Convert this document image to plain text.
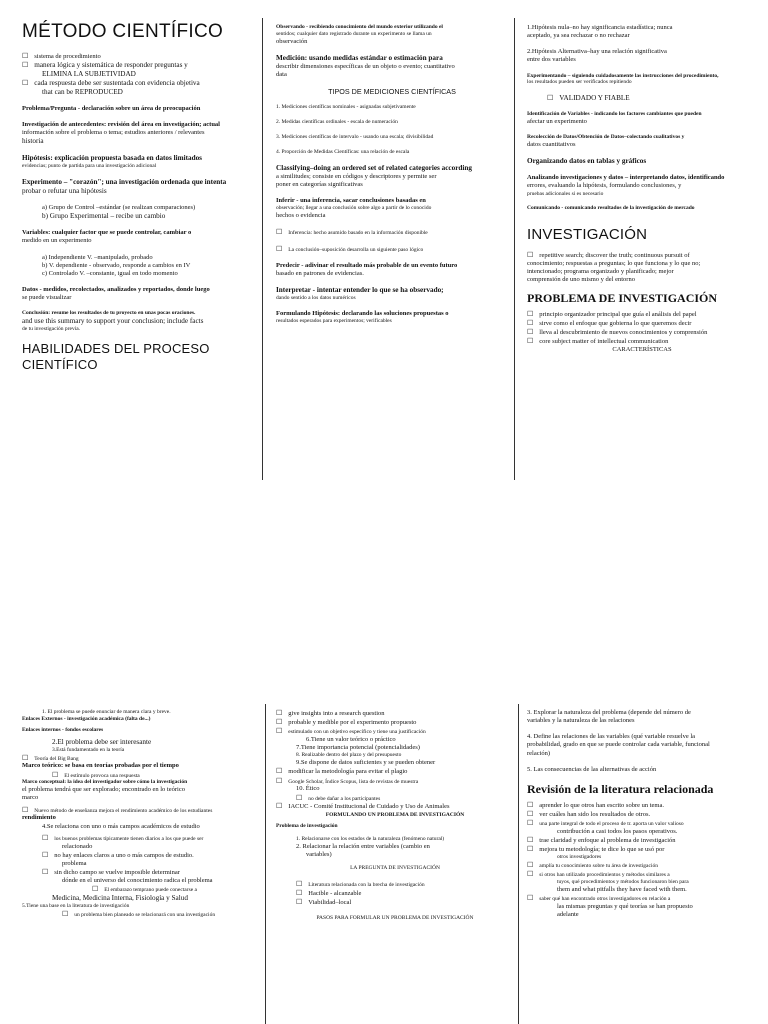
MÉTODO CIENTÍFICO

☐ sistema de procedimiento

☐ manera lógica y sistemática de responder preguntas y

ELIMINA LA SUBJETIVIDAD

☐ cada respuesta debe ser sustentada con evidencia objetiva

that can be REPRODUCED

Problema/Pregunta - declaración sobre un área de preocupación

Investigación de antecedentes: revisión del área en investigación; actual

información sobre el problema o tema; estudios anteriores / relevantes

historia

Hipótesis: explicación propuesta basada en datos limitados

evidencias; punto de partida para una investigación adicional

Experimento – "corazón"; una investigación ordenada que intenta

probar o refutar una hipótesis

a) Grupo de Control –estándar (se realizan comparaciones)

b) Grupo Experimental – recibe un cambio

Variables: cualquier factor que se puede controlar, cambiar o

medido en un experimento

a) Independiente V. –manipulado, probado

b) V. dependiente - observado, responde a cambios en IV

c) Controlado V. –constante, igual en todo momento

Datos - medidos, recolectados, analizados y reportados, donde luego

se puede visualizar

Conclusión: resume los resultados de tu proyecto en unas pocas oraciones.

and use this summary to support your conclusion; include facts

de tu investigación previa.

HABILIDADES DEL PROCESO CIENTÍFICO

Observando - recibiendo conocimiento del mundo exterior utilizando el

sentidos; cualquier dato registrado durante un experimento se llama un

observación

Medición: usando medidas estándar o estimación para

describir dimensiones específicas de un objeto o evento; cuantitativo

data

TIPOS DE MEDICIONES CIENTÍFICAS

1. Mediciones científicas nominales - asignadas subjetivamente

2. Medidas científicas ordinales - escala de numeración

3. Mediciones científicas de intervalo - usando una escala; divisibilidad

4. Proporción de Medidas Científicas: una relación de escala

Classifying–doing an ordered set of related categories according

a similitudes; consiste en códigos y descriptores y permite ser

poner en categorías significativas

Inferir - una inferencia, sacar conclusiones basadas en

observación; llegar a una conclusión sobre algo a partir de lo conocido

hechos o evidencia

☐ Inferencia: hecho asumido basado en la información disponible

☐ La conclusión–suposición desarrolla un siguiente paso lógico

Predecir - adivinar el resultado más probable de un evento futuro

basado en patrones de evidencias.

Interpretar - intentar entender lo que se ha observado;

dando sentido a los datos numéricos

Formulando Hipótesis: declarando las soluciones propuestas o

resultados esperados para experimentos; verificables

1.Hipótesis nula–no hay significancia estadística; nunca

aceptado, ya sea rechazar o no rechazar

2.Hipótesis Alternativa–hay una relación significativa

entre dos variables

Experimentando – siguiendo cuidadosamente las instrucciones del procedimiento,

los resultados pueden ser verificados repitiendo

☐ VALIDADO Y FIABLE

Identificación de Variables - indicando los factores cambiantes que pueden

afectar un experimento

Recolección de Datos/Obtención de Datos–colectando cualitativos y

datos cuantitativos

Organizando datos en tablas y gráficos

Analizando investigaciones y datos – interpretando datos, identificando

errores, evaluando la hipótesis, formulando conclusiones, y

pruebas adicionales si es necesario

Comunicando - comunicando resultados de la investigación de mercado

INVESTIGACIÓN

☐ repetitive search; discover the truth; continuous pursuit of

conocimiento; respuestas a preguntas; lo que funciona y lo que no;

intencionado; programa organizado y planificado; mejor

comprensión de uno mismo y del entorno

PROBLEMA DE INVESTIGACIÓN

☐ principio organizador principal que guía el análisis del papel

☐ sirve como el enfoque que gobierna lo que queremos decir

☐ lleva al descubrimiento de nuevos conocimientos y comprensión

☐ core subject matter of intellectual communication

CARACTERÍSTICAS

1. El problema se puede enunciar de manera clara y breve.

Enlaces Externos - investigación académica (falta de...)

Enlaces internos - fondos escolares

2.El problema debe ser interesante

3.Está fundamentado en la teoría

☐ Teoría del Big Bang

Marco teórico: se basa en teorías probadas por el tiempo

☐ El estímulo provoca una respuesta

Marco conceptual: la idea del investigador sobre cómo la investigación

el problema tendrá que ser explorado; encontrado en lo teórico

marco

☐ Nuevo método de enseñanza mejora el rendimiento académico de los estudiantes

rendimiento

4.Se relaciona con uno o más campos académicos de estudio

☐ los buenos problemas típicamente tienen diarios a los que puede ser

relacionado

☐ no hay enlaces claros a uno o más campos de estudio.

problema

☐ sin dicho campo se vuelve imposible determinar

dónde en el universo del conocimiento radica el problema

☐ El embarazo temprano puede conectarse a

Medicina, Medicina Interna, Fisiología y Salud

5.Tiene una base en la literatura de investigación

☐ un problema bien planeado se relacionará con una investigación

☐ give insights into a research question

☐ probable y medible por el experimento propuesto

☐ estimulado con un objetivo específico y tiene una justificación

6.Tiene un valor teórico o práctico

7.Tiene importancia potencial (potencialidades)

8. Realizable dentro del plazo y del presupuesto

9.Se dispone de datos suficientes y se pueden obtener

☐ modificar la metodología para evitar el plagio

☐ Google Scholar, Índice Scopus, lista de revistas de muestra

10. Ético

☐ no debe dañar a los participantes

☐ IACUC - Comité Institucional de Cuidado y Uso de Animales

FORMULANDO UN PROBLEMA DE INVESTIGACIÓN

Problema de investigación

1. Relacionarse con los estados de la naturaleza (fenómeno natural)

2. Relacionar la relación entre variables (cambio en

variables)

LA PREGUNTA DE INVESTIGACIÓN

☐ Literatura relacionada con la brecha de investigación

☐ Hacible - alcanzable

☐ Viabilidad–local

PASOS PARA FORMULAR UN PROBLEMA DE INVESTIGACIÓN

3. Explorar la naturaleza del problema (depende del número de

variables y la naturaleza de las relaciones

4. Define las relaciones de las variables (qué variable resuelve la

probabilidad, grado en que se puede controlar cada variable, funcional

relación)

5. Las consecuencias de las alternativas de acción

Revisión de la literatura relacionada

☐ aprender lo que otros han escrito sobre un tema.

☐ ver cuáles han sido los resultados de otros.

☐ una parte integral de todo el proceso de tr. aporta un valor valioso

contribución a casi todos los pasos operativos.

☐ trae claridad y enfoque al problema de investigación

☐ mejora tu metodología; te dice lo que se usó por

otros investigadores

☐ amplía tu conocimiento sobre tu área de investigación

☐ si otros han utilizado procedimientos y métodos similares a

tuyos, qué procedimientos y métodos funcionaron bien para

them and what pitfalls they have faced with them.

☐ saber qué han encontrado otros investigadores en relación a

las mismas preguntas y qué teorías se han propuesto

adelante
